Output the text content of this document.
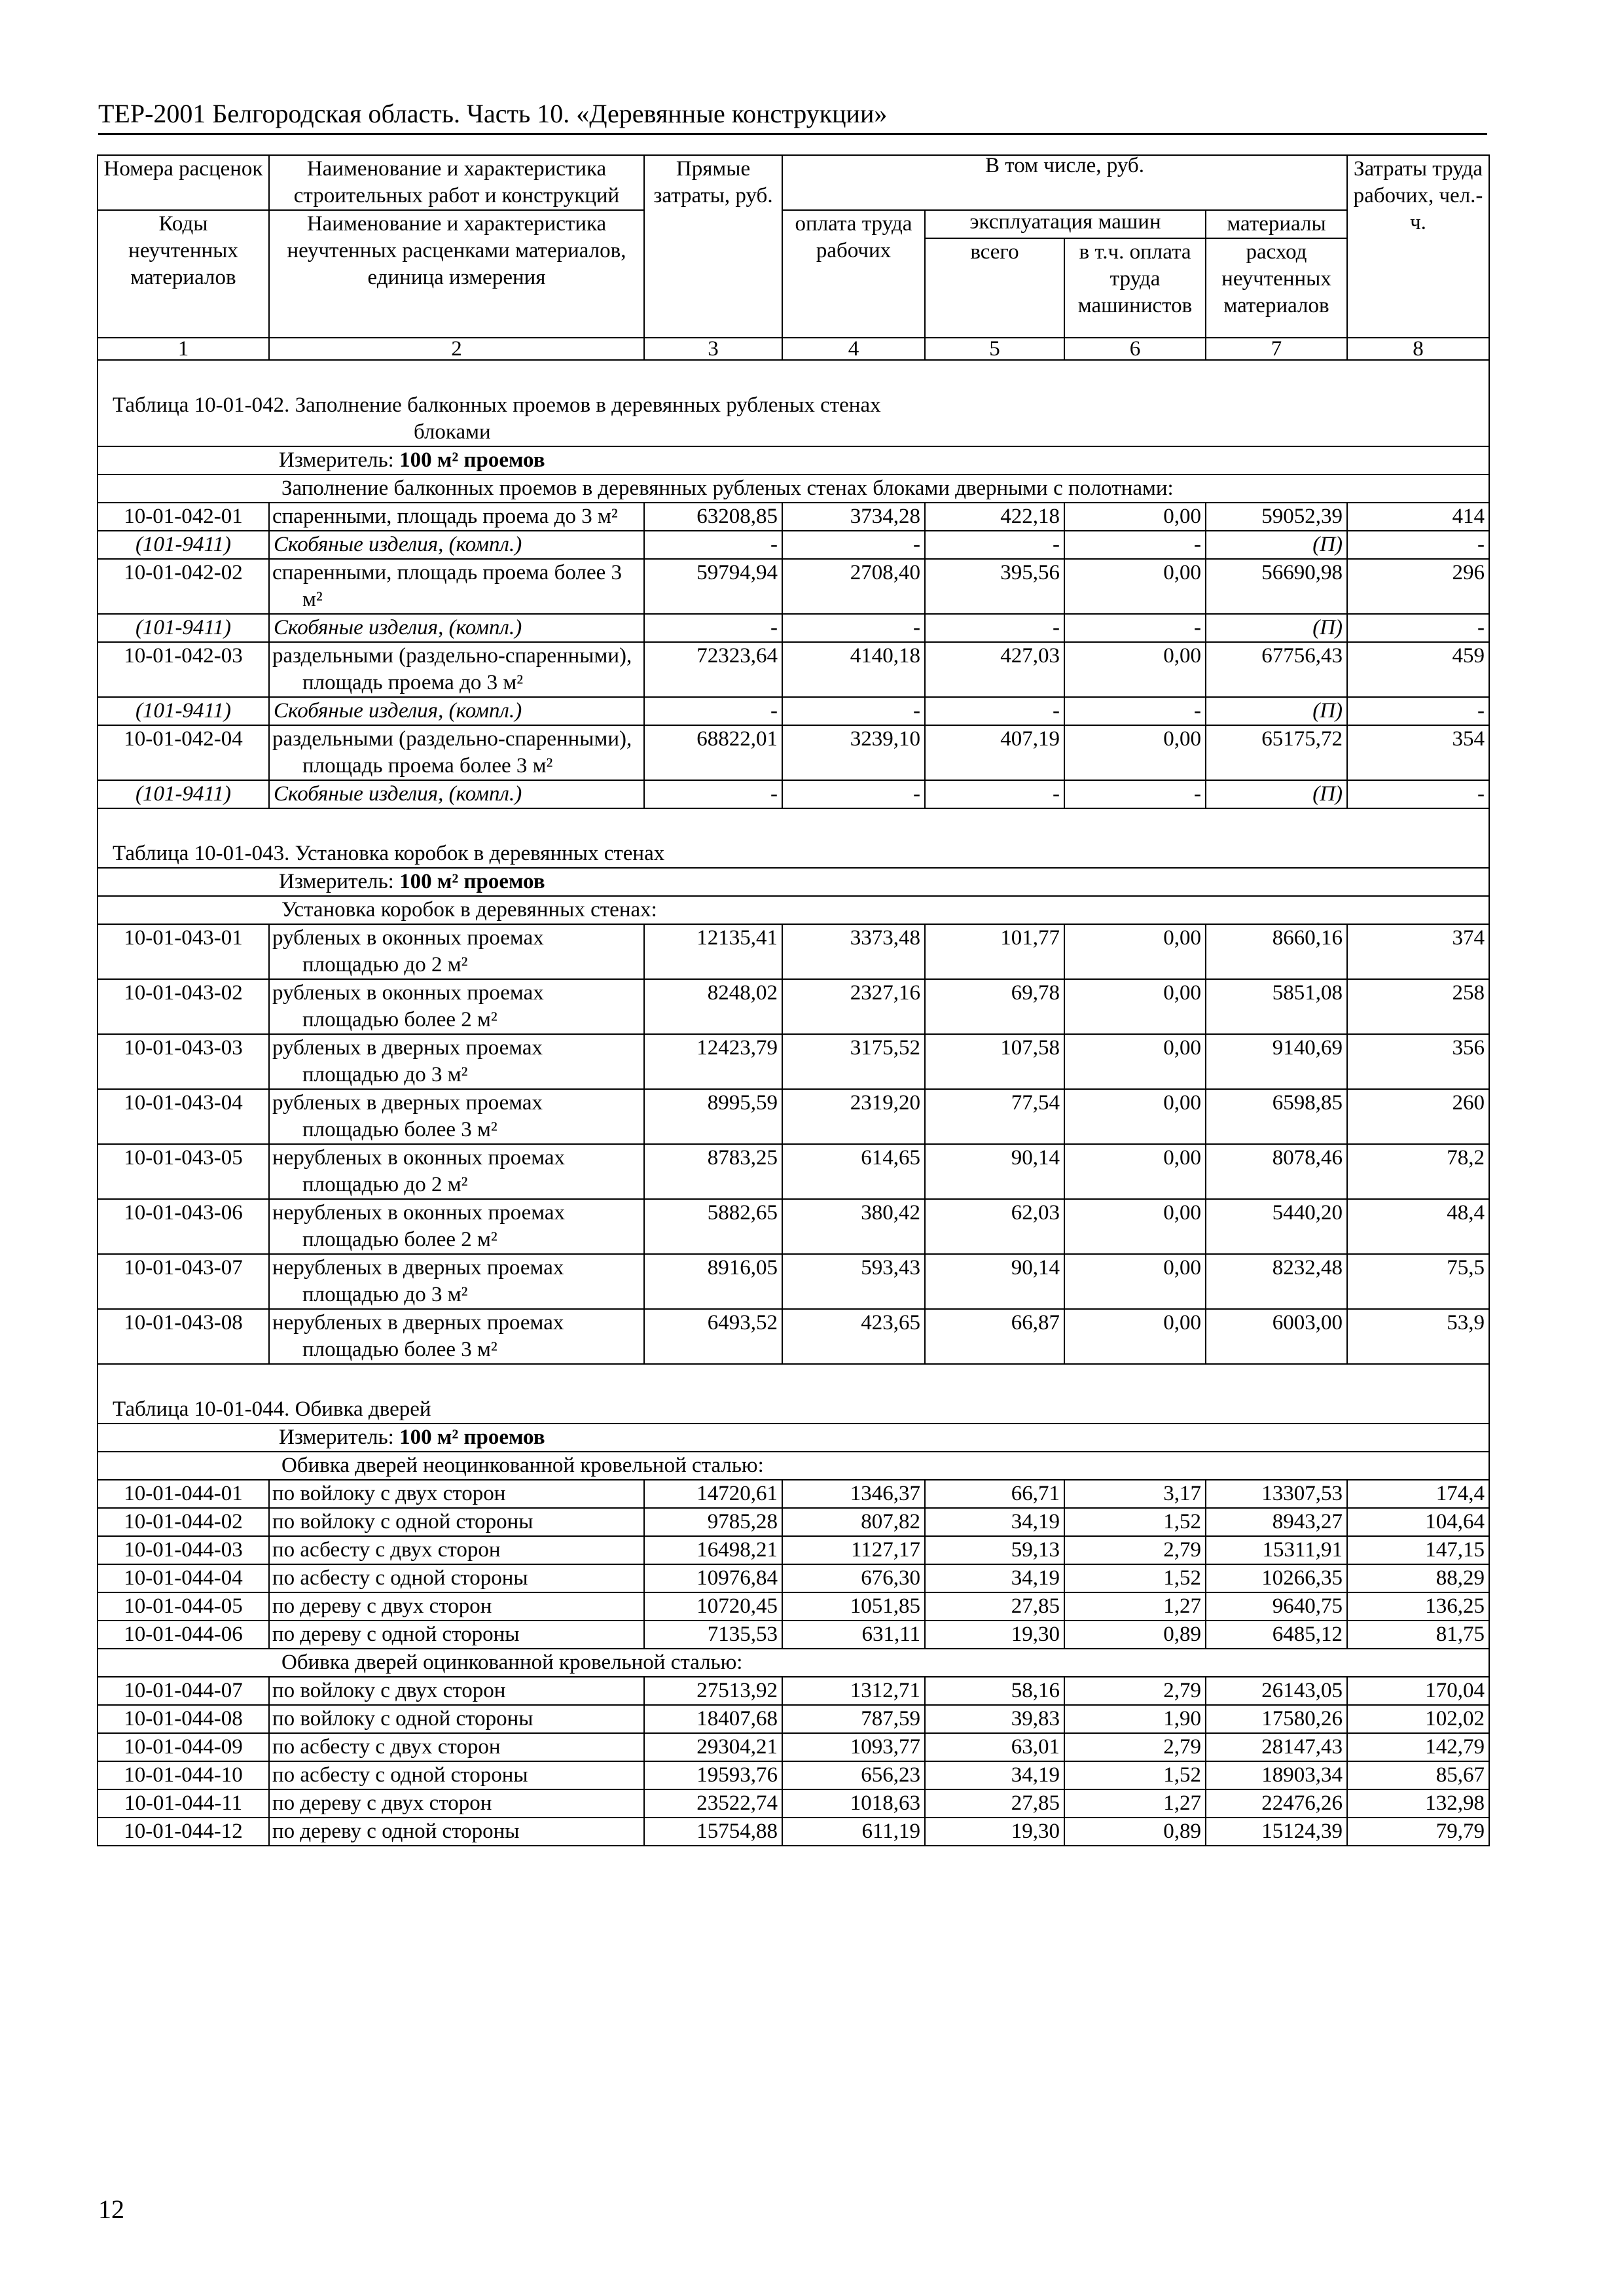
ТЕР-2001 Белгородская область. Часть 10. «Деревянные конструкции»
Номера расценок	Наименование и характеристика строительных работ и конструкций	Прямые затраты, руб.	В том числе, руб.				Затраты труда рабочих, чел.-ч.
Коды неучтенных материалов	Наименование и характеристика неучтенных расценками материалов, единица измерения		оплата труда рабочих	эксплуатация машин		материалы	
				всего	в т.ч. оплата труда машинистов	расход неучтенных материалов	
1	2	3	4	5	6	7	8
Таблица 10-01-042. Заполнение балконных проемов в деревянных рубленых стенах
блоками							

Измеритель: 100 м² проемов							
Заполнение балконных проемов в деревянных рубленых стенах блоками дверными с полотнами:							
10-01-042-01	спаренными, площадь проема до 3 м²	63208,85	3734,28	422,18	0,00	59052,39	414
(101-9411)	Скобяные изделия, (компл.)	-	-	-	-	(П)	-
10-01-042-02	спаренными, площадь проема более 3 м²	59794,94	2708,40	395,56	0,00	56690,98	296
(101-9411)	Скобяные изделия, (компл.)	-	-	-	-	(П)	-
10-01-042-03	раздельными (раздельно-спаренными), площадь проема до 3 м²	72323,64	4140,18	427,03	0,00	67756,43	459
(101-9411)	Скобяные изделия, (компл.)	-	-	-	-	(П)	-
10-01-042-04	раздельными (раздельно-спаренными), площадь проема более 3 м²	68822,01	3239,10	407,19	0,00	65175,72	354
(101-9411)	Скобяные изделия, (компл.)	-	-	-	-	(П)	-
Таблица 10-01-043. Установка коробок в деревянных стенах							
Измеритель: 100 м² проемов							
Установка коробок в деревянных стенах:							
10-01-043-01	рубленых в оконных проемах площадью до 2 м²	12135,41	3373,48	101,77	0,00	8660,16	374
10-01-043-02	рубленых в оконных проемах площадью более 2 м²	8248,02	2327,16	69,78	0,00	5851,08	258
10-01-043-03	рубленых в дверных проемах площадью до 3 м²	12423,79	3175,52	107,58	0,00	9140,69	356
10-01-043-04	рубленых в дверных проемах площадью более 3 м²	8995,59	2319,20	77,54	0,00	6598,85	260
10-01-043-05	нерубленых в оконных проемах площадью до 2 м²	8783,25	614,65	90,14	0,00	8078,46	78,2
10-01-043-06	нерубленых в оконных проемах площадью более 2 м²	5882,65	380,42	62,03	0,00	5440,20	48,4
10-01-043-07	нерубленых в дверных проемах площадью до 3 м²	8916,05	593,43	90,14	0,00	8232,48	75,5
10-01-043-08	нерубленых в дверных проемах площадью более 3 м²	6493,52	423,65	66,87	0,00	6003,00	53,9
Таблица 10-01-044. Обивка дверей							
Измеритель: 100 м² проемов							
Обивка дверей неоцинкованной кровельной сталью:							
10-01-044-01	по войлоку с двух сторон	14720,61	1346,37	66,71	3,17	13307,53	174,4
10-01-044-02	по войлоку с одной стороны	9785,28	807,82	34,19	1,52	8943,27	104,64
10-01-044-03	по асбесту с двух сторон	16498,21	1127,17	59,13	2,79	15311,91	147,15
10-01-044-04	по асбесту с одной стороны	10976,84	676,30	34,19	1,52	10266,35	88,29
10-01-044-05	по дереву с двух сторон	10720,45	1051,85	27,85	1,27	9640,75	136,25
10-01-044-06	по дереву с одной стороны	7135,53	631,11	19,30	0,89	6485,12	81,75
Обивка дверей оцинкованной кровельной сталью:							
10-01-044-07	по войлоку с двух сторон	27513,92	1312,71	58,16	2,79	26143,05	170,04
10-01-044-08	по войлоку с одной стороны	18407,68	787,59	39,83	1,90	17580,26	102,02
10-01-044-09	по асбесту с двух сторон	29304,21	1093,77	63,01	2,79	28147,43	142,79
10-01-044-10	по асбесту с одной стороны	19593,76	656,23	34,19	1,52	18903,34	85,67
10-01-044-11	по дереву с двух сторон	23522,74	1018,63	27,85	1,27	22476,26	132,98
10-01-044-12	по дереву с одной стороны	15754,88	611,19	19,30	0,89	15124,39	79,79
12
